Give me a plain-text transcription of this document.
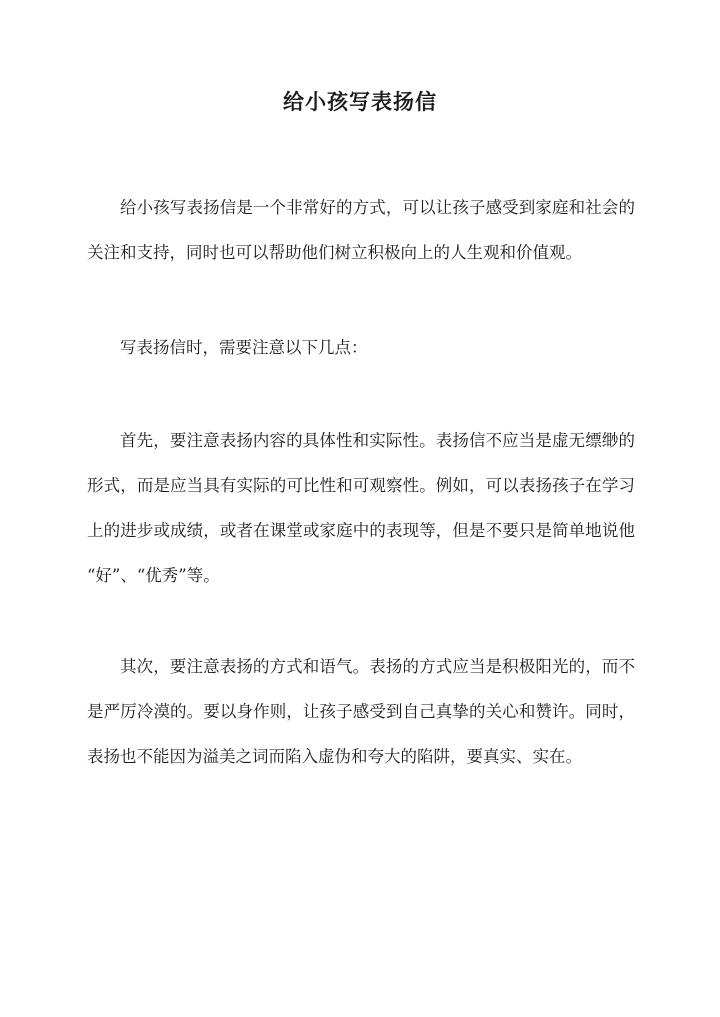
给小孩写表扬信

给小孩写表扬信是一个非常好的方式，可以让孩子感受到家庭和社会的关注和支持，同时也可以帮助他们树立积极向上的人生观和价值观。

写表扬信时，需要注意以下几点：

首先，要注意表扬内容的具体性和实际性。表扬信不应当是虚无缥缈的形式，而是应当具有实际的可比性和可观察性。例如，可以表扬孩子在学习上的进步或成绩，或者在课堂或家庭中的表现等，但是不要只是简单地说他 “好”、“优秀”等。

其次，要注意表扬的方式和语气。表扬的方式应当是积极阳光的，而不是严厉冷漠的。要以身作则，让孩子感受到自己真挚的关心和赞许。同时，表扬也不能因为溢美之词而陷入虚伪和夸大的陷阱，要真实、实在。
